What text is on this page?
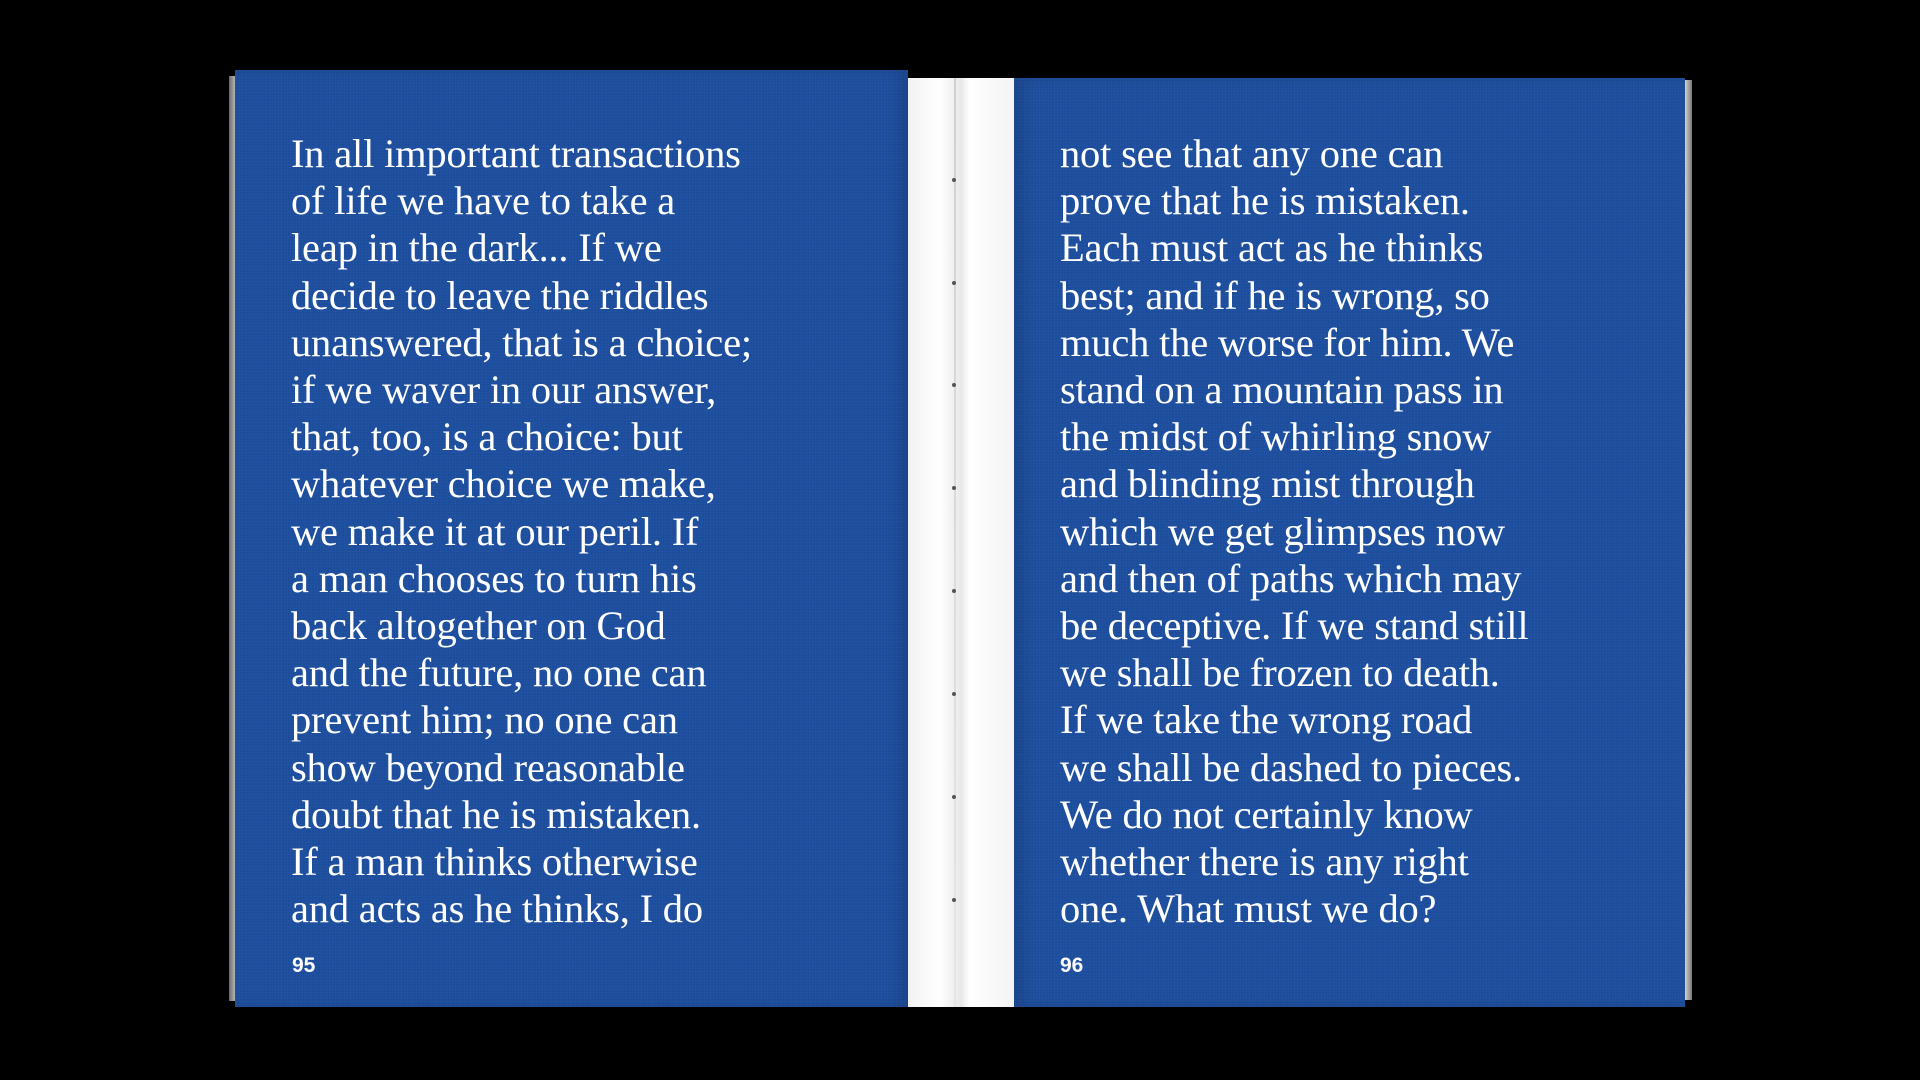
In all important transactions
of life we have to take a
leap in the dark... If we
decide to leave the riddles
unanswered, that is a choice;
if we waver in our answer,
that, too, is a choice: but
whatever choice we make,
we make it at our peril. If
a man chooses to turn his
back altogether on God
and the future, no one can
prevent him; no one can
show beyond reasonable
doubt that he is mistaken.
If a man thinks otherwise
and acts as he thinks, I do

95

not see that any one can
prove that he is mistaken.
Each must act as he thinks
best; and if he is wrong, so
much the worse for him. We
stand on a mountain pass in
the midst of whirling snow
and blinding mist through
which we get glimpses now
and then of paths which may
be deceptive. If we stand still
we shall be frozen to death.
If we take the wrong road
we shall be dashed to pieces.
We do not certainly know
whether there is any right
one. What must we do?

96
